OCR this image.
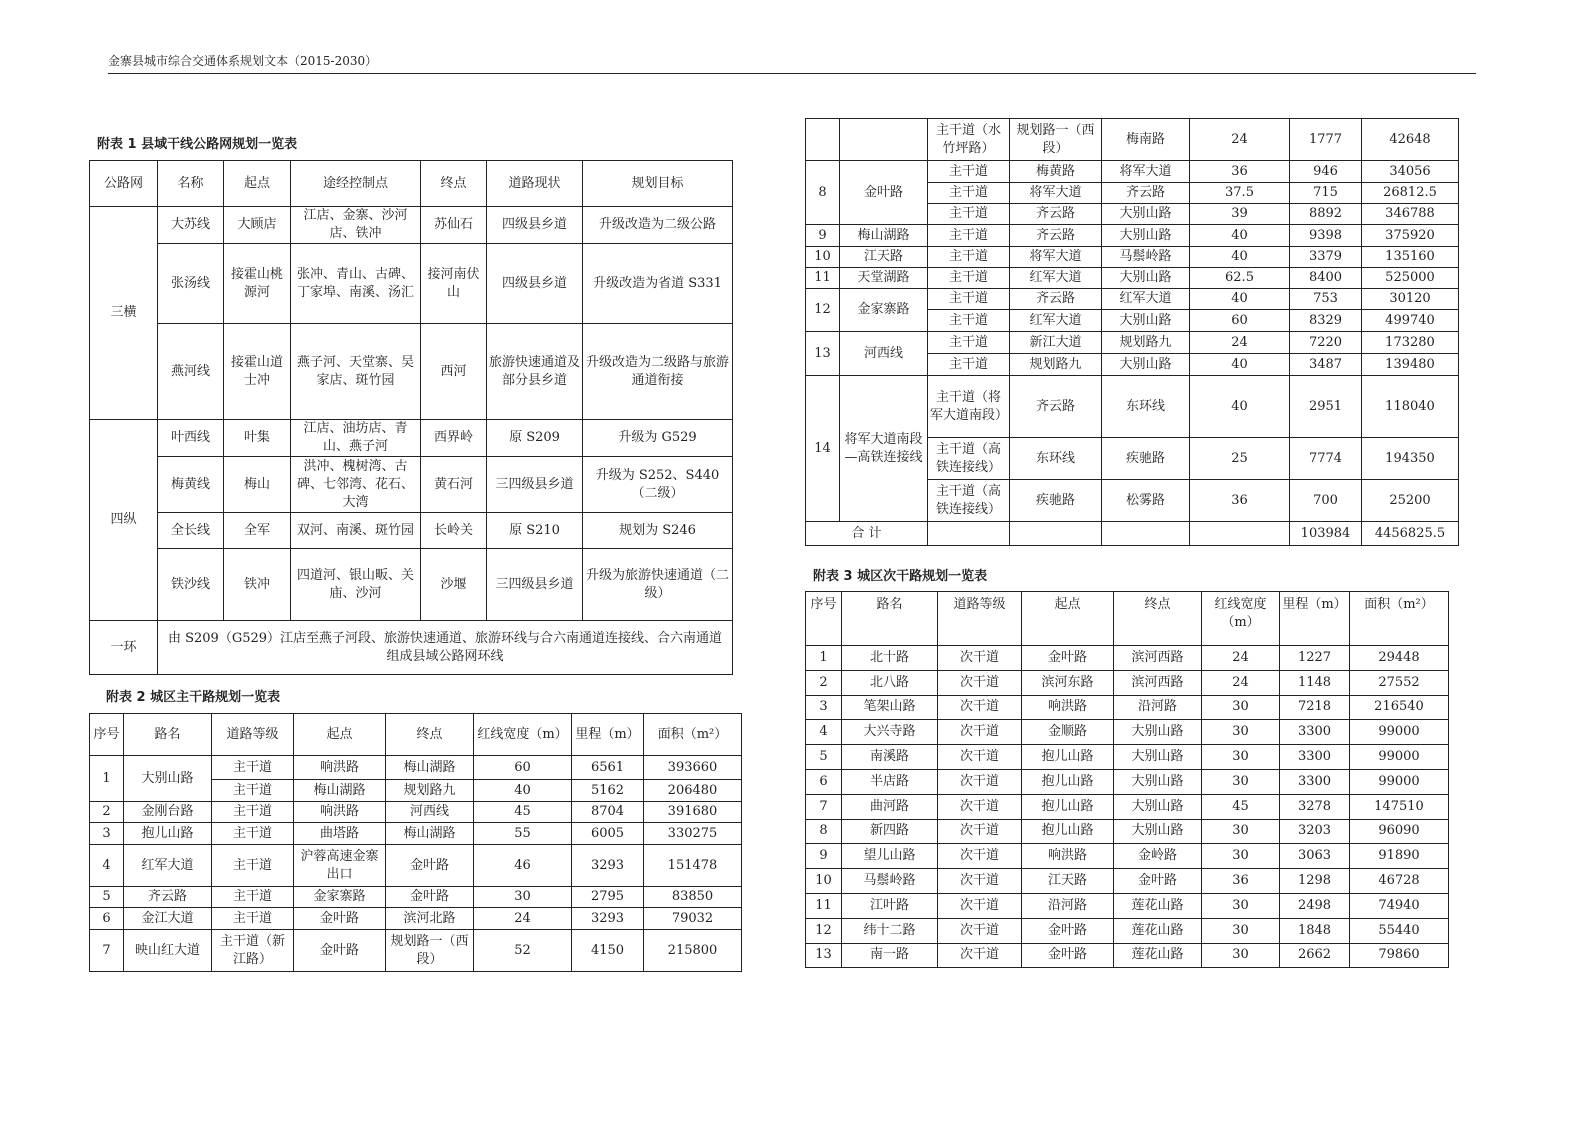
金寨县城市综合交通体系规划文本（2015-2030）
附表 1 县域干线公路网规划一览表
公路网	名称	起点	途经控制点	终点	道路现状	规划目标
三横	大苏线	大顾店	江店、金寨、沙河店、铁冲	苏仙石	四级县乡道	升级改造为二级公路
	张汤线	接霍山桃源河	张冲、青山、古碑、丁家埠、南溪、汤汇	接河南伏山	四级县乡道	升级改造为省道 S331
	燕河线	接霍山道士冲	燕子河、天堂寨、吴家店、斑竹园	西河	旅游快速通道及部分县乡道	升级改造为二级路与旅游通道衔接
四纵	叶西线	叶集	江店、油坊店、青山、燕子河	西界岭	原 S209	升级为 G529
	梅黄线	梅山	洪冲、槐树湾、古碑、七邻湾、花石、大湾	黄石河	三四级县乡道	升级为 S252、S440（二级）
	全长线	全军	双河、南溪、斑竹园	长岭关	原 S210	规划为 S246
	铁沙线	铁冲	四道河、银山畈、关庙、沙河	沙堰	三四级县乡道	升级为旅游快速通道（二级）
一环	由 S209（G529）江店至燕子河段、旅游快速通道、旅游环线与合六南通道连接线、合六南通道组成县域公路网环线					
附表 2 城区主干路规划一览表
序号	路名	道路等级	起点	终点	红线宽度（m）	里程（m）	面积（m²）
1	大别山路	主干道	响洪路	梅山湖路	60	6561	393660
		主干道	梅山湖路	规划路九	40	5162	206480
2	金刚台路	主干道	响洪路	河西线	45	8704	391680
3	抱儿山路	主干道	曲塔路	梅山湖路	55	6005	330275
4	红军大道	主干道	沪蓉高速金寨出口	金叶路	46	3293	151478
5	齐云路	主干道	金家寨路	金叶路	30	2795	83850
6	金江大道	主干道	金叶路	滨河北路	24	3293	79032
7	映山红大道	主干道（新江路）	金叶路	规划路一（西段）	52	4150	215800
		主干道（水竹坪路）	规划路一（西段）	梅南路	24	1777	42648
8	金叶路	主干道	梅黄路	将军大道	36	946	34056
		主干道	将军大道	齐云路	37.5	715	26812.5
		主干道	齐云路	大别山路	39	8892	346788
9	梅山湖路	主干道	齐云路	大别山路	40	9398	375920
10	江天路	主干道	将军大道	马鬃岭路	40	3379	135160
11	天堂湖路	主干道	红军大道	大别山路	62.5	8400	525000
12	金家寨路	主干道	齐云路	红军大道	40	753	30120
		主干道	红军大道	大别山路	60	8329	499740
13	河西线	主干道	新江大道	规划路九	24	7220	173280
		主干道	规划路九	大别山路	40	3487	139480
14	将军大道南段—高铁连接线	主干道（将军大道南段）	齐云路	东环线	40	2951	118040
		主干道（高铁连接线）	东环线	疾驰路	25	7774	194350
		主干道（高铁连接线）	疾驰路	松雾路	36	700	25200
合 计						103984	4456825.5
附表 3 城区次干路规划一览表
序号	路名	道路等级	起点	终点	红线宽度（m）	里程（m）	面积（m²）
1	北十路	次干道	金叶路	滨河西路	24	1227	29448
2	北八路	次干道	滨河东路	滨河西路	24	1148	27552
3	笔架山路	次干道	响洪路	沿河路	30	7218	216540
4	大兴寺路	次干道	金顺路	大别山路	30	3300	99000
5	南溪路	次干道	抱儿山路	大别山路	30	3300	99000
6	半店路	次干道	抱儿山路	大别山路	30	3300	99000
7	曲河路	次干道	抱儿山路	大别山路	45	3278	147510
8	新四路	次干道	抱儿山路	大别山路	30	3203	96090
9	望儿山路	次干道	响洪路	金岭路	30	3063	91890
10	马鬃岭路	次干道	江天路	金叶路	36	1298	46728
11	江叶路	次干道	沿河路	莲花山路	30	2498	74940
12	纬十二路	次干道	金叶路	莲花山路	30	1848	55440
13	南一路	次干道	金叶路	莲花山路	30	2662	79860
